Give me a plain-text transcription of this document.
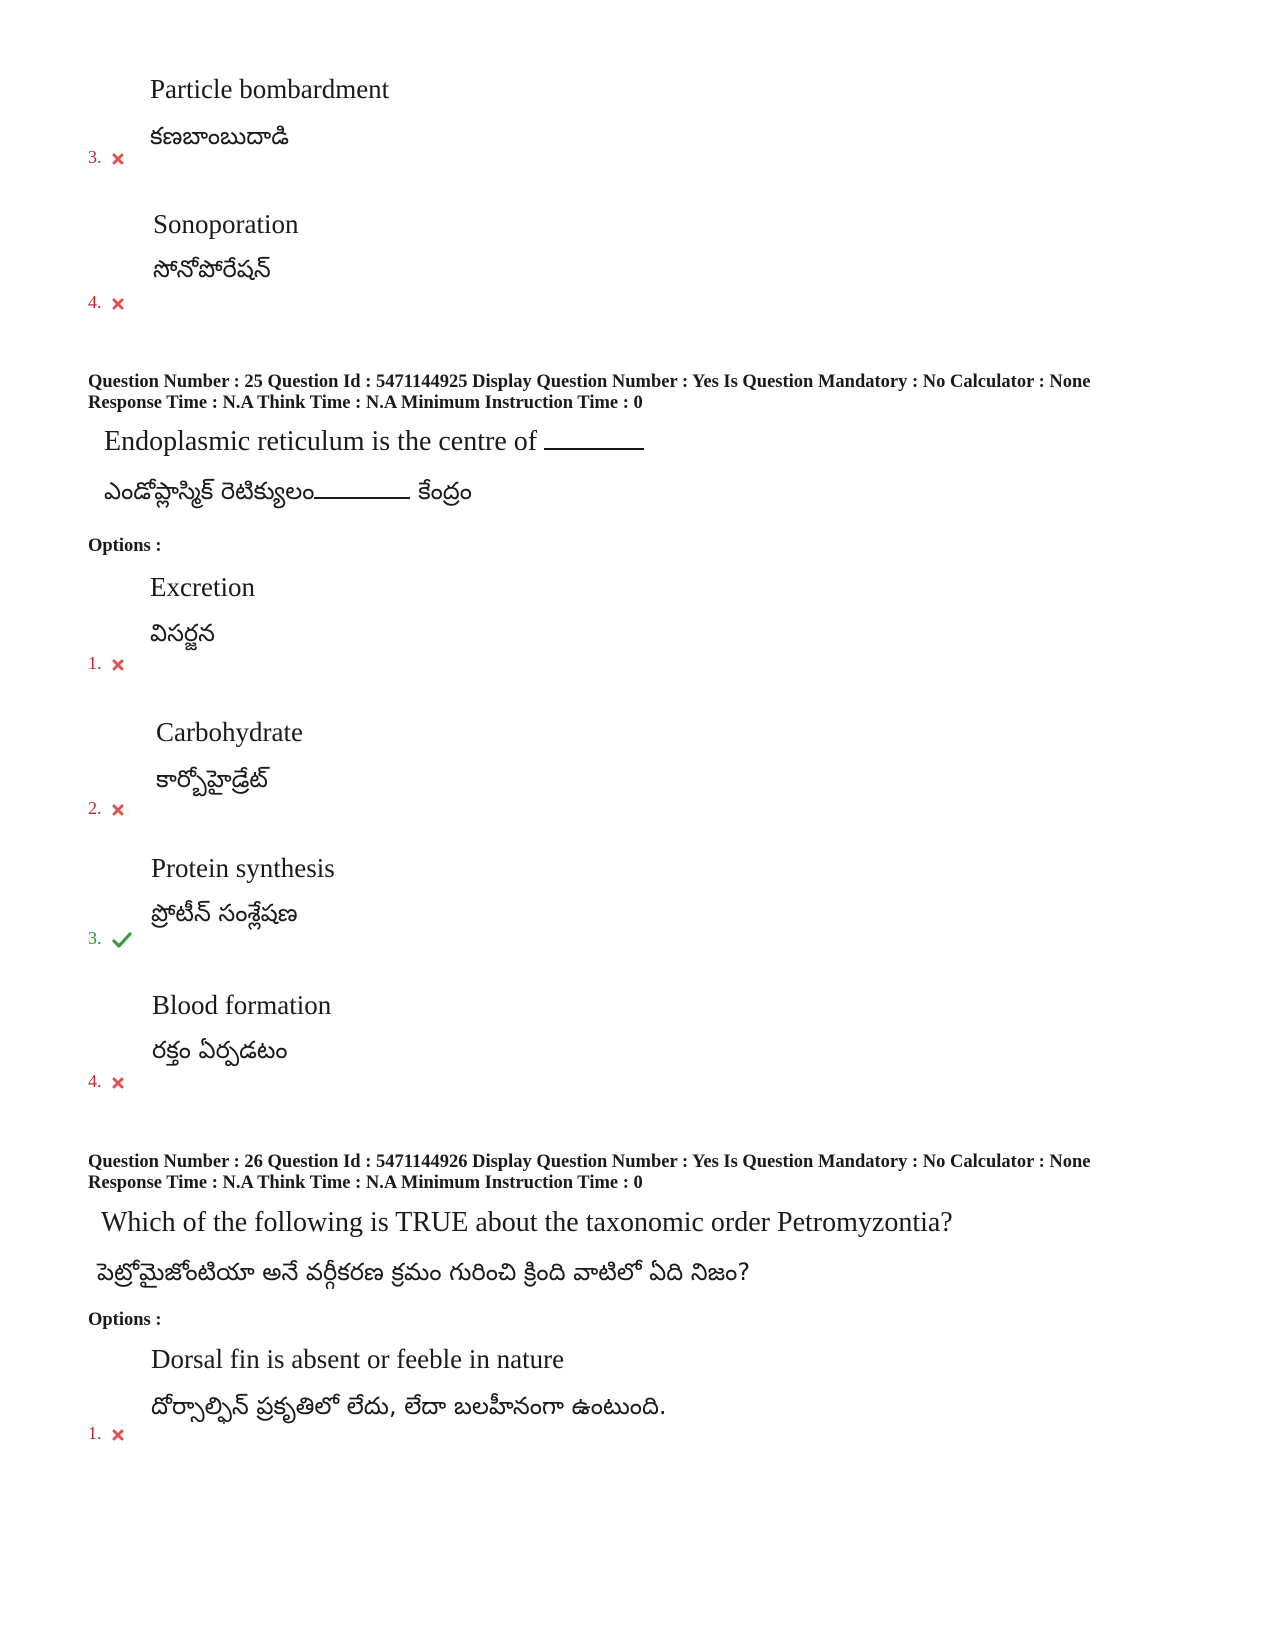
Particle bombardment
కణబాంబుదాడి
3.
Sonoporation
సోనోపోరేషన్
4.
Question Number : 25 Question Id : 5471144925 Display Question Number : Yes Is Question Mandatory : No Calculator : None
Response Time : N.A Think Time : N.A Minimum Instruction Time : 0
Endoplasmic reticulum is the centre of
ఎండోప్లాస్మిక్ రెటిక్యులం	కేంద్రం
Options :
Excretion
విసర్జన
1.
Carbohydrate
కార్బోహైడ్రేట్
2.
Protein synthesis
ప్రోటీన్ సంశ్లేషణ
3.
Blood formation
రక్తం ఏర్పడటం
4.
Question Number : 26 Question Id : 5471144926 Display Question Number : Yes Is Question Mandatory : No Calculator : None
Response Time : N.A Think Time : N.A Minimum Instruction Time : 0
Which of the following is TRUE about the taxonomic order Petromyzontia?
పెట్రోమైజోంటియా అనే వర్గీకరణ క్రమం గురించి క్రింది వాటిలో ఏది నిజం?
Options :
Dorsal fin is absent or feeble in nature
దోర్సాల్ఫిన్ ప్రకృతిలో లేదు, లేదా బలహీనంగా ఉంటుంది.
1.
